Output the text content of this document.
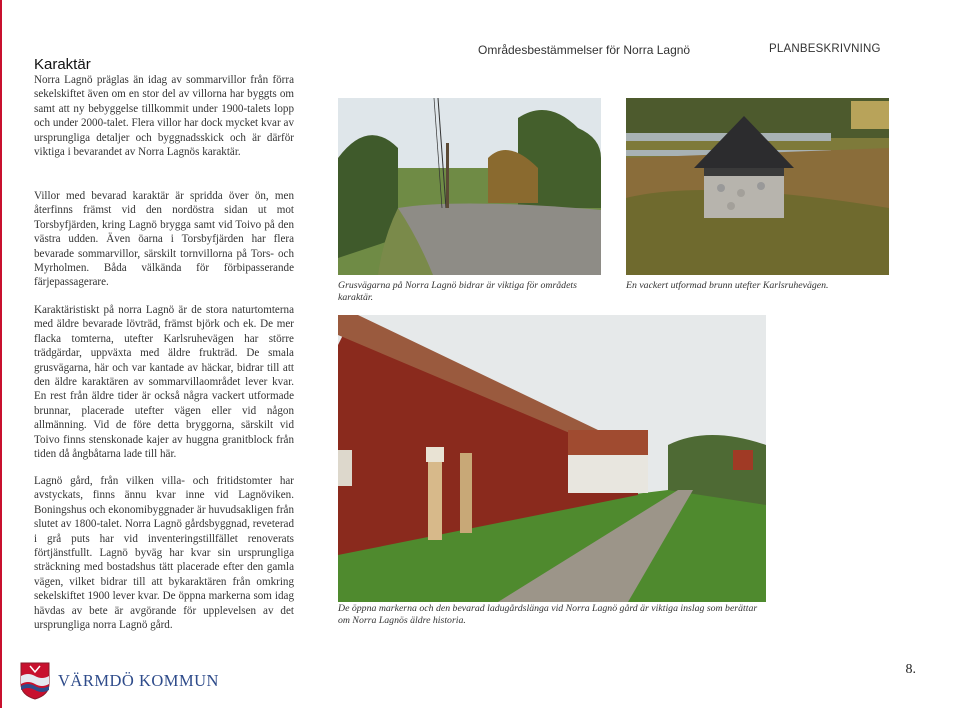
Områdesbestämmelser för Norra Lagnö	PLANBESKRIVNING
Karaktär

Norra Lagnö präglas än idag av sommarvillor från förra sekelskiftet även om en stor del av villorna har byggts om samt att ny bebyggelse tillkommit under 1900-talets lopp och under 2000-talet. Flera villor har dock mycket kvar av ursprungliga detaljer och byggnadsskick och är därför viktiga i bevarandet av Norra Lagnös karaktär.

Villor med bevarad karaktär är spridda över ön, men återfinns främst vid den nordöstra sidan ut mot Torsbyfjärden, kring Lagnö brygga samt vid Toivo på den västra udden. Även öarna i Torsbyfjärden har flera bevarade sommarvillor, särskilt tornvillorna på Tors- och Myrholmen. Båda välkända för förbipasserande färjepassagerare.

Karaktäristiskt på norra Lagnö är de stora naturtomterna med äldre bevarade lövträd, främst björk och ek. De mer flacka tomterna, utefter Karlsruhevägen har större trädgärdar, uppväxta med äldre frukträd. De smala grusvägarna, här och var kantade av häckar, bidrar till att den äldre karaktären av sommarvillaområdet lever kvar. En rest från äldre tider är också några vackert utformade brunnar, placerade utefter vägen eller vid någon allmänning. Vid de före detta bryggorna, särskilt vid Toivo finns stenskonade kajer av huggna granitblock från tiden då ångbåtarna lade till här.

Lagnö gård, från vilken villa- och fritidstomter har avstyckats, finns ännu kvar inne vid Lagnöviken. Boningshus och ekonomibyggnader är huvudsakligen från slutet av 1800-talet. Norra Lagnö gårdsbyggnad, reveterad i grå puts har vid inventeringstillfället renoverats förtjänstfullt. Lagnö byväg har kvar sin ursprungliga sträckning med bostadshus tätt placerade efter den gamla vägen, vilket bidrar till att bykaraktären från omkring sekelskiftet 1900 lever kvar. De öppna markerna som idag hävdas av bete är avgörande för upplevelsen av det ursprungliga norra Lagnö gård.

Grusvägarna på Norra Lagnö bidrar är viktiga för områdets karaktär.

En vackert utformad brunn utefter Karlsruhevägen.

De öppna markerna och den bevarad ladugårdslänga vid Norra Lagnö gård är viktiga inslag som berättar om Norra Lagnös äldre historia.

VÄRMDÖ KOMMUN
8.
